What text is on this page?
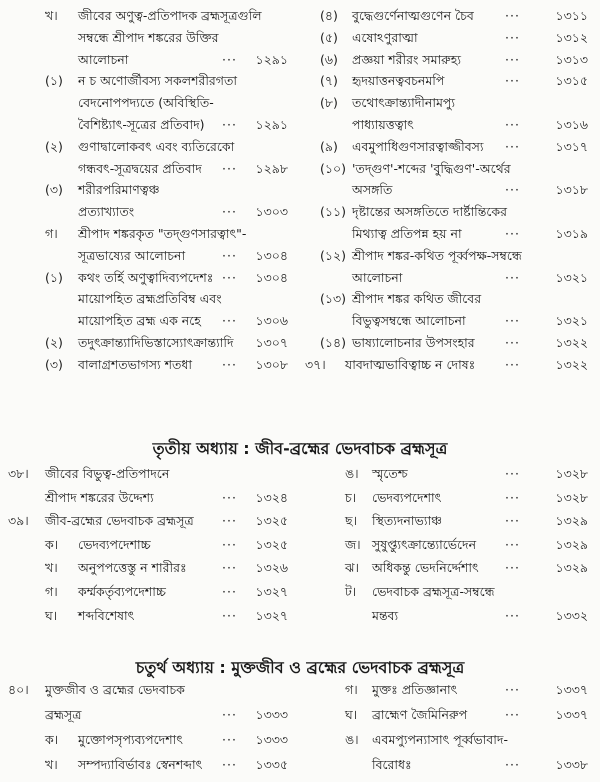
খ। জীবের অণুত্ব-প্রতিপাদক ব্রহ্মসূত্রগুলি
সম্বন্ধে শ্রীপাদ শঙ্করের উক্তির
আলোচনা	···	১২৯১
(১) ন চ অণোর্জীবস্য সকলশরীরগতা
বেদনোপপদ্যতে (অবিস্থিতি-
বৈশিষ্ট্যাৎ-সূত্রের প্রতিবাদ) ···	১২৯১
(২) গুণাদ্বালোকবৎ এবং ব্যতিরেকো
গন্ধবৎ-সূত্রদ্বয়ের প্রতিবাদ ···	১২৯৮
(৩) শরীরপরিমাণত্বঞ্চ
প্রত্যাখ্যাতং	···	১৩০৩
গ। শ্রীপাদ শঙ্করকৃত "তদ্গুণসারত্বাৎ"-
সূত্রভাষ্যের আলোচনা	···	১৩০৪
(১) কথং তর্হি অণুত্বাদিব্যপদেশঃ ···	১৩০৪
মায়োপহিত ব্রহ্মপ্রতিবিম্ব এবং
মায়োপহিত ব্রহ্ম এক নহে ···	১৩০৬
(২) তদুৎক্রান্ত্যাদিভিস্তাস্যোৎক্রান্ত্যাদি	১৩০৭
(৩) বালাগ্রশতভাগস্য শতধা ···	১৩০৮
(৪) বুদ্ধেগুর্ণেনাত্মগুণেন চৈব ···	১৩১১
(৫) এষোঽণুরাত্মা	···	১৩১২
(৬) প্রজ্ঞয়া শরীরং সমারুহ্য	···	১৩১৩
(৭) হৃদয়াত্তনত্ববচনমপি	···	১৩১৫
(৮) তথোৎক্রান্ত্যাদীনামপ্যু
পাধ্যায়ত্তত্বাৎ	···	১৩১৬
(৯) এবমুপাধিগুণসারত্বাজ্জীবস্য ···	১৩১৭
(১০) 'তদ্গুণ'-শব্দের 'বুদ্ধিগুণ'-অর্থের
অসঙ্গতি	···	১৩১৮
(১১) দৃষ্টান্তের অসঙ্গতিতে দার্ষ্টান্তিকের
মিথ্যাত্ব প্রতিপন্ন হয় না	···	১৩১৯
(১২) শ্রীপাদ শঙ্কর-কথিত পূর্ব্বপক্ষ-সম্বন্ধে
আলোচনা	···	১৩২১
(১৩) শ্রীপাদ শঙ্কর কথিত জীবের
বিভুত্বসম্বন্ধে আলোচনা	···	১৩২১
(১৪) ভাষ্যালোচনার উপসংহার ···	১৩২২
৩৭। যাবদাত্মভাবিত্বাচ্চ ন দোষঃ ···	১৩২২
তৃতীয় অধ্যায় : জীব-ব্রহ্মের ভেদবাচক ব্রহ্মসূত্র
৩৮। জীবের বিভুত্ব-প্রতিপাদনে
শ্রীপাদ শঙ্করের উদ্দেশ্য	···	১৩২৪
৩৯। জীব-ব্রহ্মের ভেদবাচক ব্রহ্মসূত্র ···	১৩২৫
ক। ভেদব্যপদেশাচ্চ	···	১৩২৫
খ। অনুপপত্তেস্তু ন শারীরঃ	···	১৩২৬
গ। কর্ম্মকর্তৃব্যপদেশাচ্চ	···	১৩২৭
ঘ। শব্দবিশেষাৎ	···	১৩২৭
ঙ। স্মৃতেশ্চ	···	১৩২৮
চ। ভেদব্যপদেশাৎ	···	১৩২৮
ছ। স্থিত্যদনাভ্যাঞ্চ	···	১৩২৯
জ। সুষুপ্ত্যুৎক্রান্ত্যোর্ভেদেন ···	১৩২৯
ঝ। অধিকন্তু ভেদনির্দ্দেশাৎ ···	১৩২৯
ট। ভেদবাচক ব্রহ্মসূত্র-সম্বন্ধে
মন্তব্য	···	১৩৩২
চতুর্থ অধ্যায় : মুক্তজীব ও ব্রহ্মের ভেদবাচক ব্রহ্মসূত্র
৪০। মুক্তজীব ও ব্রহ্মের ভেদবাচক
ব্রহ্মসূত্র	···	১৩৩৩
ক। মুক্তোপসৃপ্যব্যপদেশাৎ	···	১৩৩৩
খ। সম্পদ্যাবির্ভাবঃ স্বেনশব্দাৎ ···	১৩৩৫
গ। মুক্তঃ প্রতিজ্ঞানাৎ	···	১৩৩৭
ঘ। ব্রাহ্মেণ জৈমিনিরুপ	···	১৩৩৭
ঙ। এবমপ্যুপন্যাসাৎ পূর্ব্বভাবাদ-
বিরোধঃ	···	১৩৩৮
